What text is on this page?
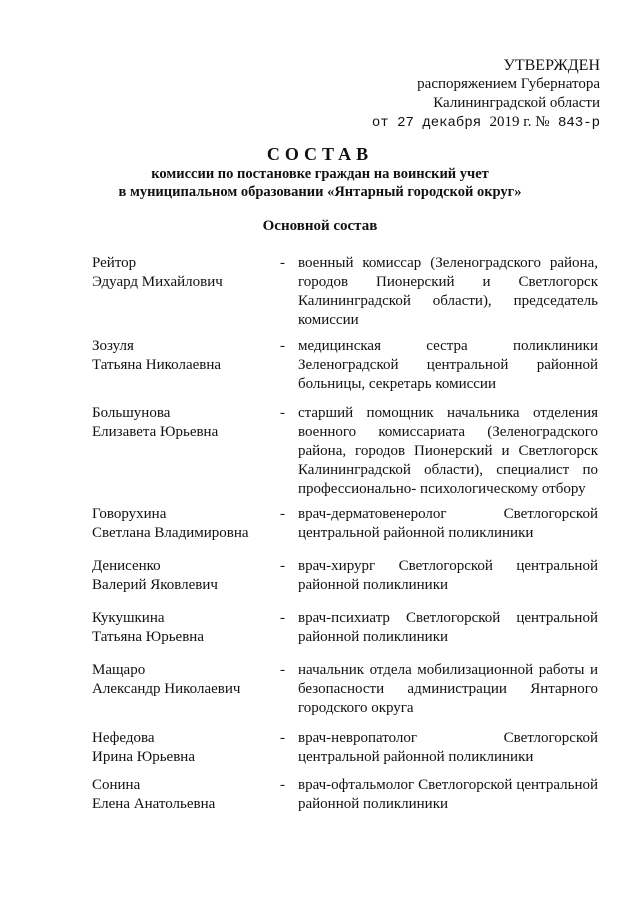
УТВЕРЖДЕН
распоряжением Губернатора
Калининградской области
от 27 декабря 2019 г. № 843-р
СОСТАВ
комиссии по постановке граждан на воинский учет
в муниципальном образовании «Янтарный городской округ»
Основной состав
Рейтор
Эдуард Михайлович
- военный комиссар (Зеленоградского района, городов Пионерский и Светлогорск Калининградской области), председатель комиссии
Зозуля
Татьяна Николаевна
- медицинская сестра поликлиники Зеленоградской центральной районной больницы, секретарь комиссии
Большунова
Елизавета Юрьевна
- старший помощник начальника отделения военного комиссариата (Зеленоградского района, городов Пионерский и Светлогорск Калининградской области), специалист по профессионально- психологическому отбору
Говорухина
Светлана Владимировна
- врач-дерматовенеролог Светлогорской центральной районной поликлиники
Денисенко
Валерий Яковлевич
- врач-хирург Светлогорской центральной районной поликлиники
Кукушкина
Татьяна Юрьевна
- врач-психиатр Светлогорской центральной районной поликлиники
Мащаро
Александр Николаевич
- начальник отдела мобилизационной работы и безопасности администрации Янтарного городского округа
Нефедова
Ирина Юрьевна
- врач-невропатолог Светлогорской центральной районной поликлиники
Сонина
Елена Анатольевна
- врач-офтальмолог Светлогорской центральной районной поликлиники
